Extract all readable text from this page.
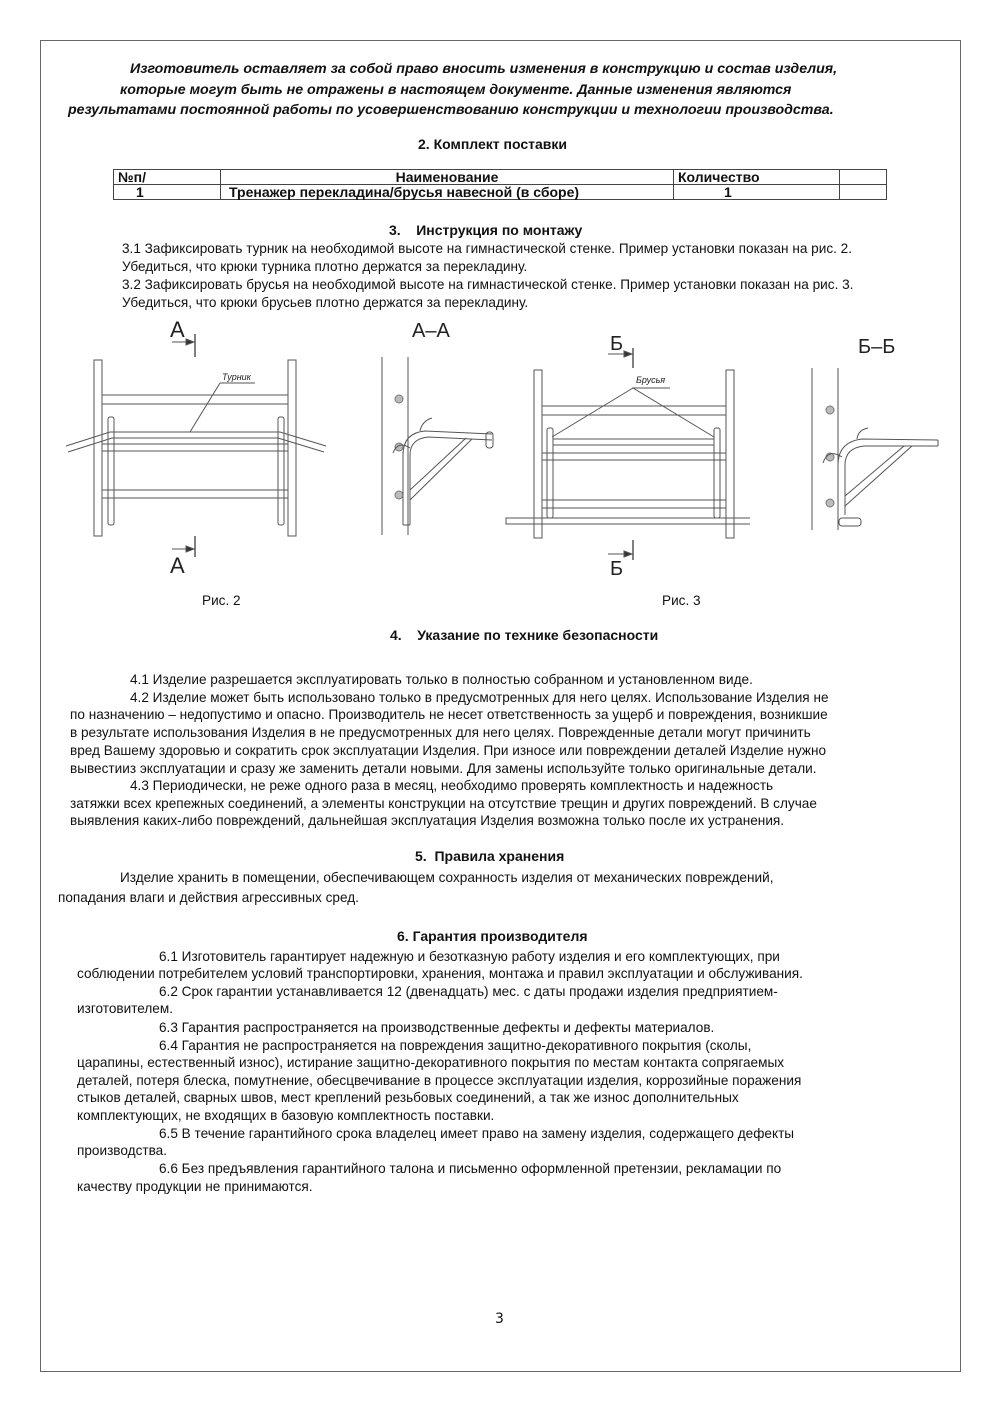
Изготовитель оставляет за собой право вносить изменения в конструкцию и состав изделия,
которые могут быть не отражены в настоящем документе. Данные изменения являются
результатами постоянной работы по усовершенствованию конструкции и технологии производства.
2. Комплект поставки
№п/	Наименование	Количество	
1	Тренажер перекладина/брусья навесной (в сборе)	1	
3.    Инструкция по монтажу
3.1 Зафиксировать турник на необходимой высоте на гимнастической стенке. Пример установки показан на рис. 2.
Убедиться, что крюки турника плотно держатся за перекладину.
3.2 Зафиксировать брусья на необходимой высоте на гимнастической стенке. Пример установки показан на рис. 3.
Убедиться, что крюки брусьев плотно держатся за перекладину.
А
Турник
А
А–А
Б
Брусья
Б
Б–Б
Рис. 2	Рис. 3
4.    Указание по технике безопасности
4.1 Изделие разрешается эксплуатировать только в полностью собранном и установленном виде.
4.2 Изделие может быть использовано только в предусмотренных для него целях. Использование Изделия не
по назначению – недопустимо и опасно. Производитель не несет ответственность за ущерб и повреждения, возникшие
в результате использования Изделия в не предусмотренных для него целях. Поврежденные детали могут причинить
вред Вашему здоровью и сократить срок эксплуатации Изделия. При износе или повреждении деталей Изделие нужно
вывестииз эксплуатации и сразу же заменить детали новыми. Для замены используйте только оригинальные детали.
4.3 Периодически, не реже одного раза в месяц, необходимо проверять комплектность и надежность
затяжки всех крепежных соединений, а элементы конструкции на отсутствие трещин и других повреждений. В случае
выявления каких-либо повреждений, дальнейшая эксплуатация Изделия возможна только после их устранения.
5.  Правила хранения
Изделие хранить в помещении, обеспечивающем сохранность изделия от механических повреждений,
попадания влаги и действия агрессивных сред.
6. Гарантия производителя
6.1 Изготовитель гарантирует надежную и безотказную работу изделия и его комплектующих, при
соблюдении потребителем условий транспортировки, хранения, монтажа и правил эксплуатации и обслуживания.
6.2 Срок гарантии устанавливается 12 (двенадцать) мес. с даты продажи изделия предприятием-
изготовителем.
6.3 Гарантия распространяется на производственные дефекты и дефекты материалов.
6.4 Гарантия не распространяется на повреждения защитно-декоративного покрытия (сколы,
царапины, естественный износ), истирание защитно-декоративного покрытия по местам контакта сопрягаемых
деталей, потеря блеска, помутнение, обесцвечивание в процессе эксплуатации изделия, коррозийные поражения
стыков деталей, сварных швов, мест креплений резьбовых соединений, а так же износ дополнительных
комплектующих, не входящих в базовую комплектность поставки.
6.5 В течение гарантийного срока владелец имеет право на замену изделия, содержащего дефекты
производства.
6.6 Без предъявления гарантийного талона и письменно оформленной претензии, рекламации по
качеству продукции не принимаются.
3
